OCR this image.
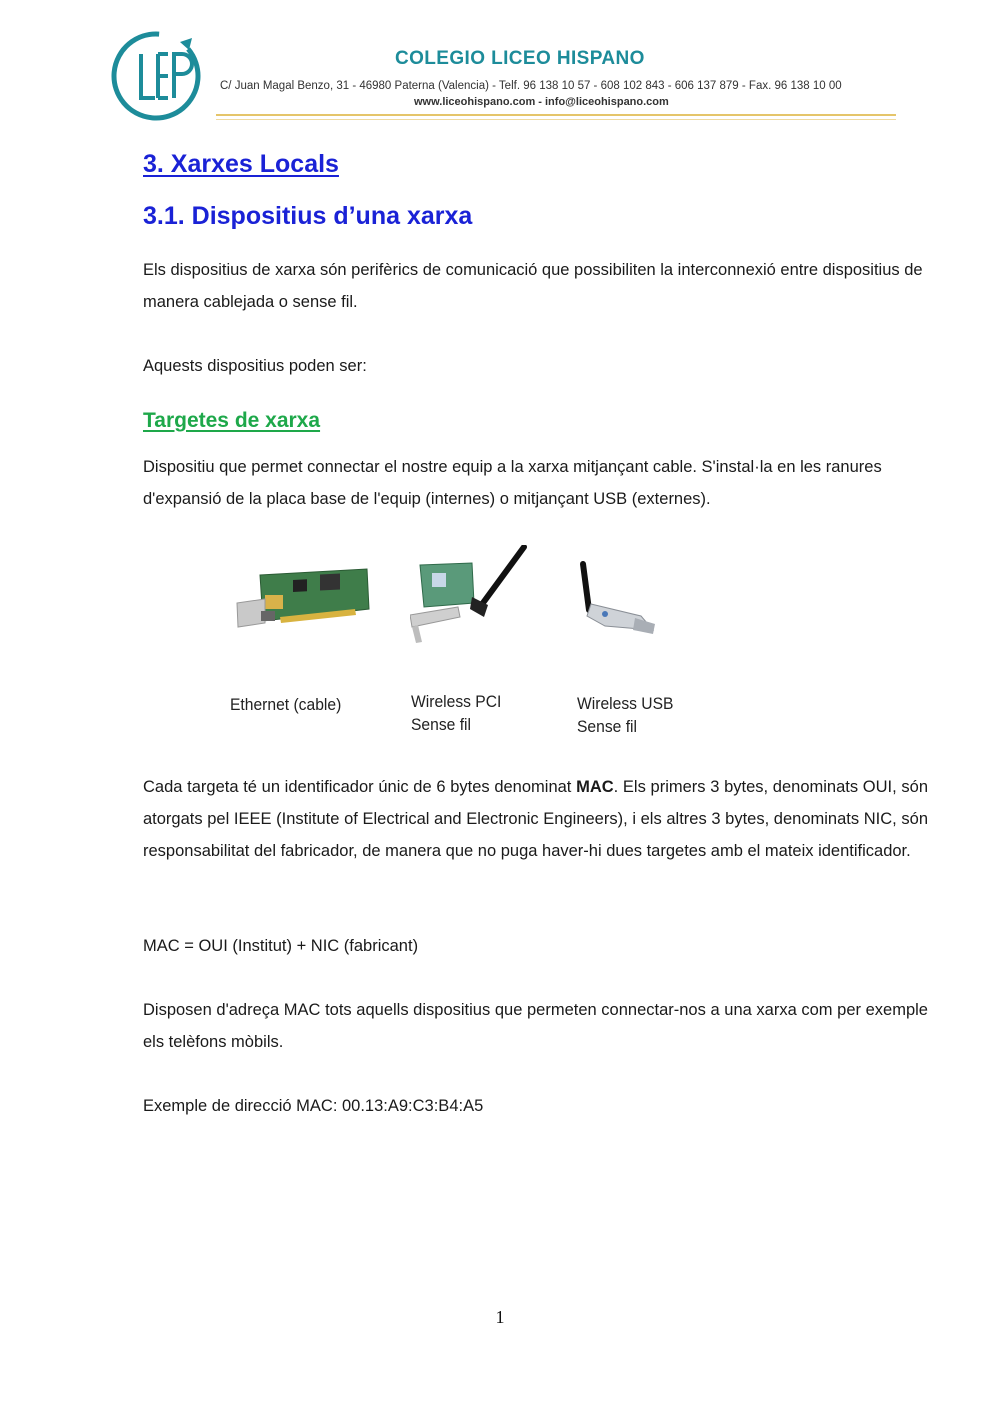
COLEGIO LICEO HISPANO
C/ Juan Magal Benzo, 31 - 46980 Paterna (Valencia) - Telf. 96 138 10 57 - 608 102 843 - 606 137 879 - Fax. 96 138 10 00
www.liceohispano.com - info@liceohispano.com
3. Xarxes Locals
3.1. Dispositius d’una xarxa

Els dispositius de xarxa són perifèrics de comunicació que possibiliten la interconnexió entre dispositius de manera cablejada o sense fil.

Aquests dispositius poden ser:

Targetes de xarxa

Dispositiu que permet connectar el nostre equip a la xarxa mitjançant cable. S'instal·la en les ranures d'expansió de la placa base de l'equip (internes) o mitjançant USB (externes).

Ethernet (cable)	Wireless PCI
Sense fil
Wireless USB
Sense fil

Cada targeta té un identificador únic de 6 bytes denominat MAC. Els primers 3 bytes, denominats OUI, són atorgats pel IEEE (Institute of Electrical and Electronic Engineers), i els altres 3 bytes, denominats NIC, són responsabilitat del fabricador, de manera que no puga haver-hi dues targetes amb el mateix identificador.

MAC = OUI (Institut) + NIC (fabricant)

Disposen d'adreça MAC tots aquells dispositius que permeten connectar-nos a una xarxa com per exemple els telèfons mòbils.

Exemple de direcció MAC: 00.13:A9:C3:B4:A5

1
